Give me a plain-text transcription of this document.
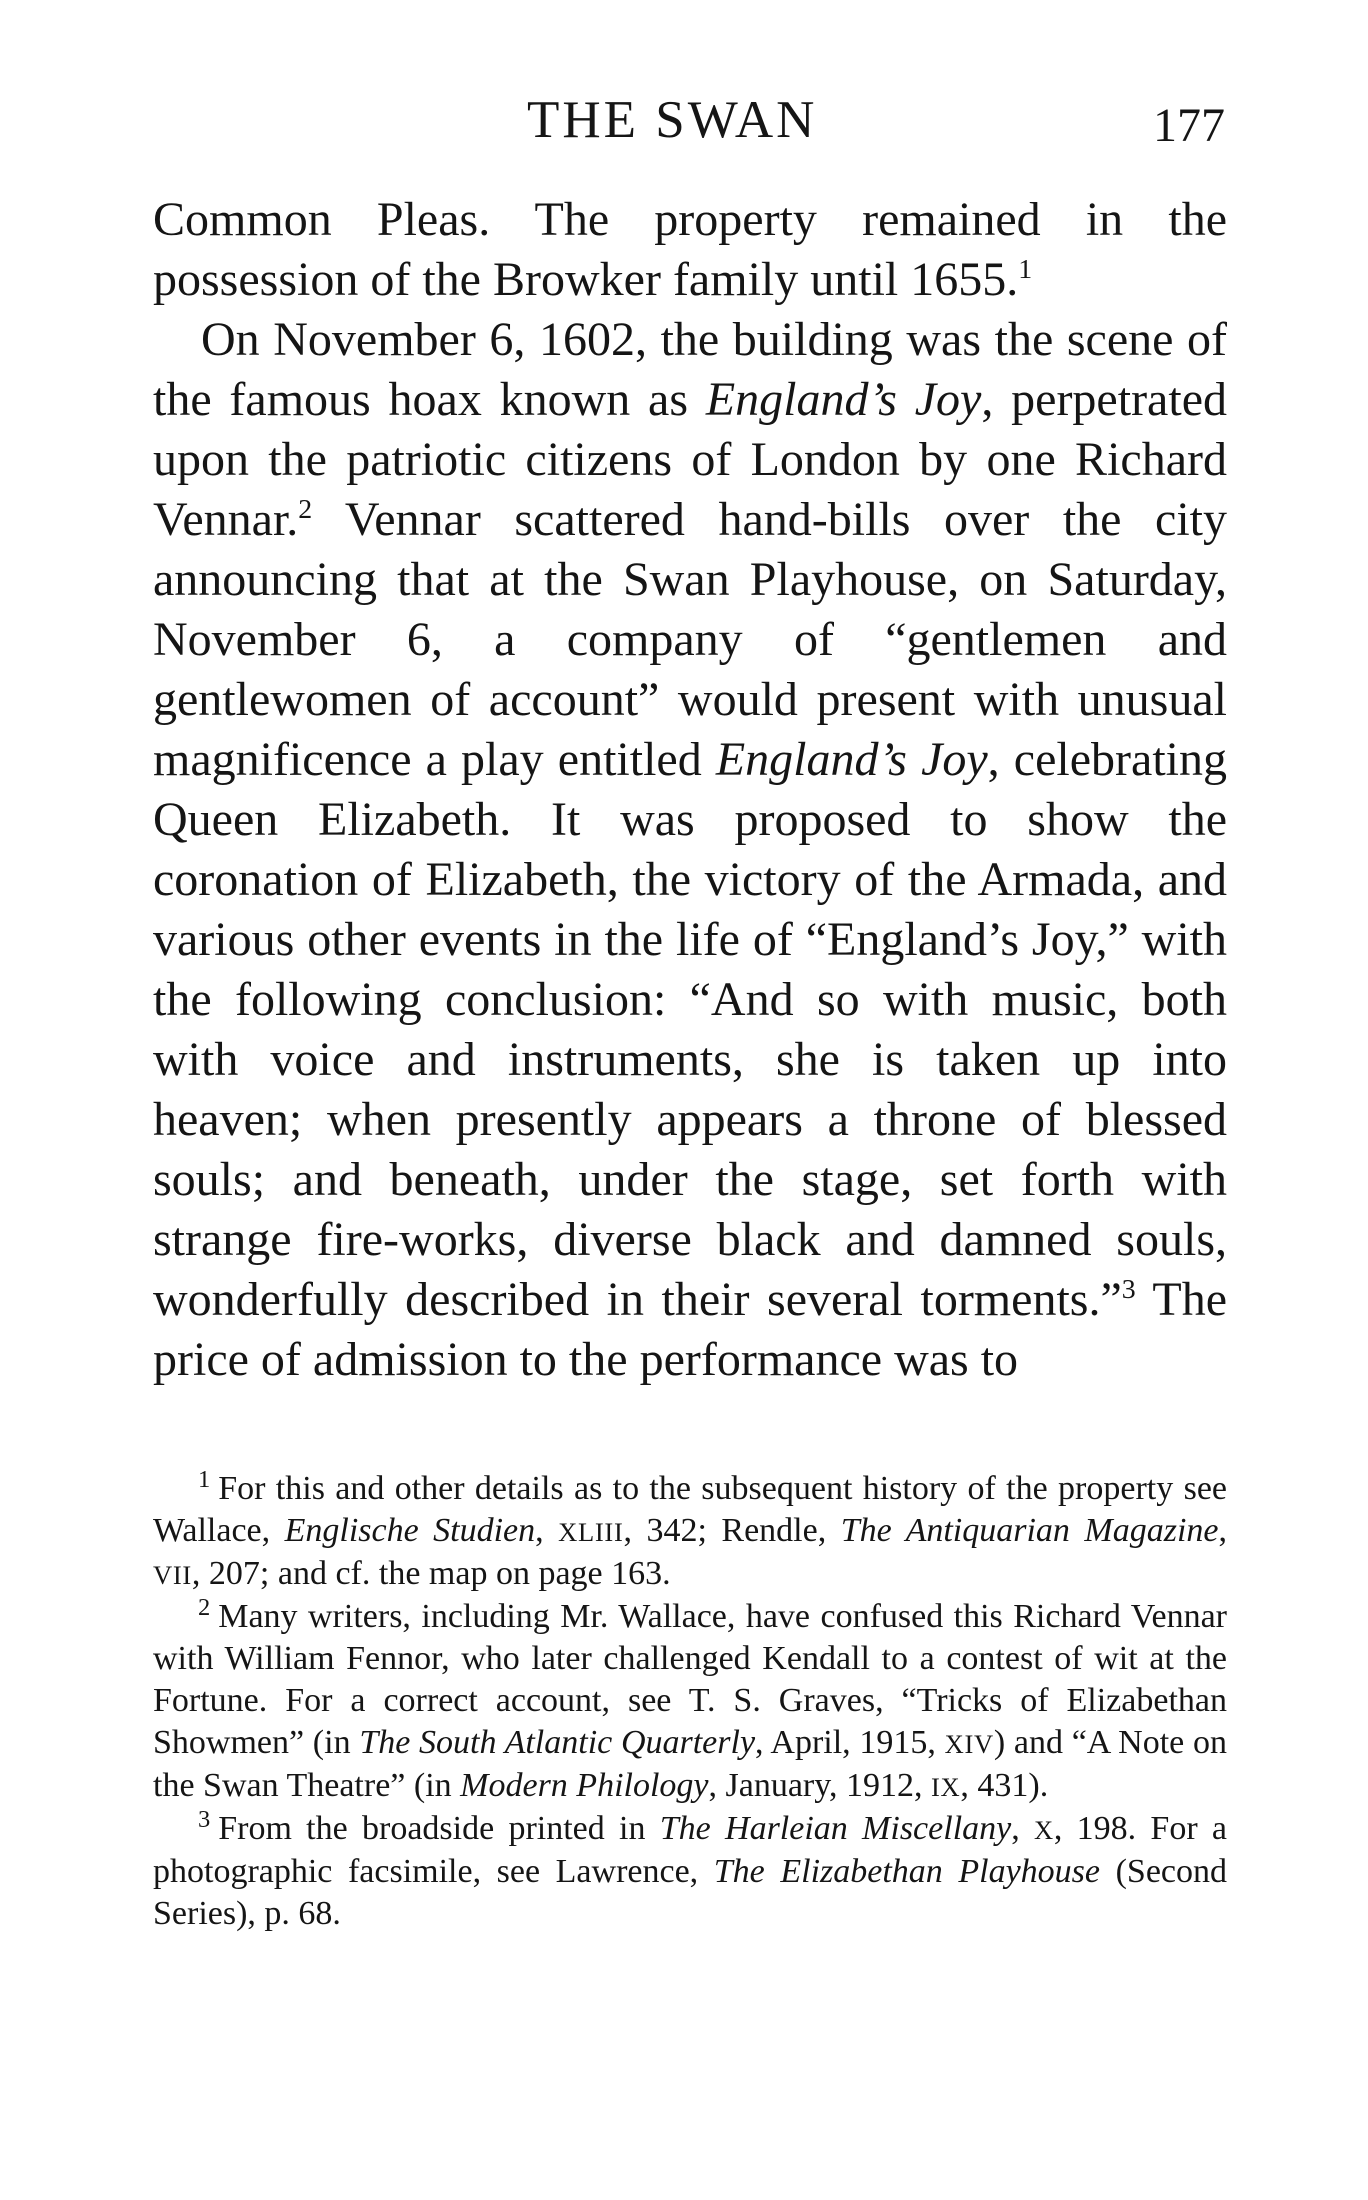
THE SWAN	177

Common Pleas. The property remained in the possession of the Browker family until 1655.$^1$

On November 6, 1602, the building was the scene of the famous hoax known as England’s Joy, perpetrated upon the patriotic citizens of London by one Richard Vennar.$^2$ Vennar scattered hand-bills over the city announcing that at the Swan Playhouse, on Saturday, November 6, a company of “gentlemen and gentlewomen of account” would present with unusual magnificence a play entitled England’s Joy, celebrating Queen Elizabeth. It was proposed to show the coronation of Elizabeth, the victory of the Armada, and various other events in the life of “England’s Joy,” with the following conclusion: “And so with music, both with voice and instruments, she is taken up into heaven; when presently appears a throne of blessed souls; and beneath, under the stage, set forth with strange fire-works, diverse black and damned souls, wonderfully described in their several torments.”$^3$ The price of admission to the performance was to

$^1$ For this and other details as to the subsequent history of the property see Wallace, Englische Studien, XLIII, 342; Rendle, The Antiquarian Magazine, VII, 207; and cf. the map on page 163.

$^2$ Many writers, including Mr. Wallace, have confused this Richard Vennar with William Fennor, who later challenged Kendall to a contest of wit at the Fortune. For a correct account, see T. S. Graves, “Tricks of Elizabethan Showmen” (in The South Atlantic Quarterly, April, 1915, XIV) and “A Note on the Swan Theatre” (in Modern Philology, January, 1912, IX, 431).

$^3$ From the broadside printed in The Harleian Miscellany, X, 198. For a photographic facsimile, see Lawrence, The Elizabethan Playhouse (Second Series), p. 68.
